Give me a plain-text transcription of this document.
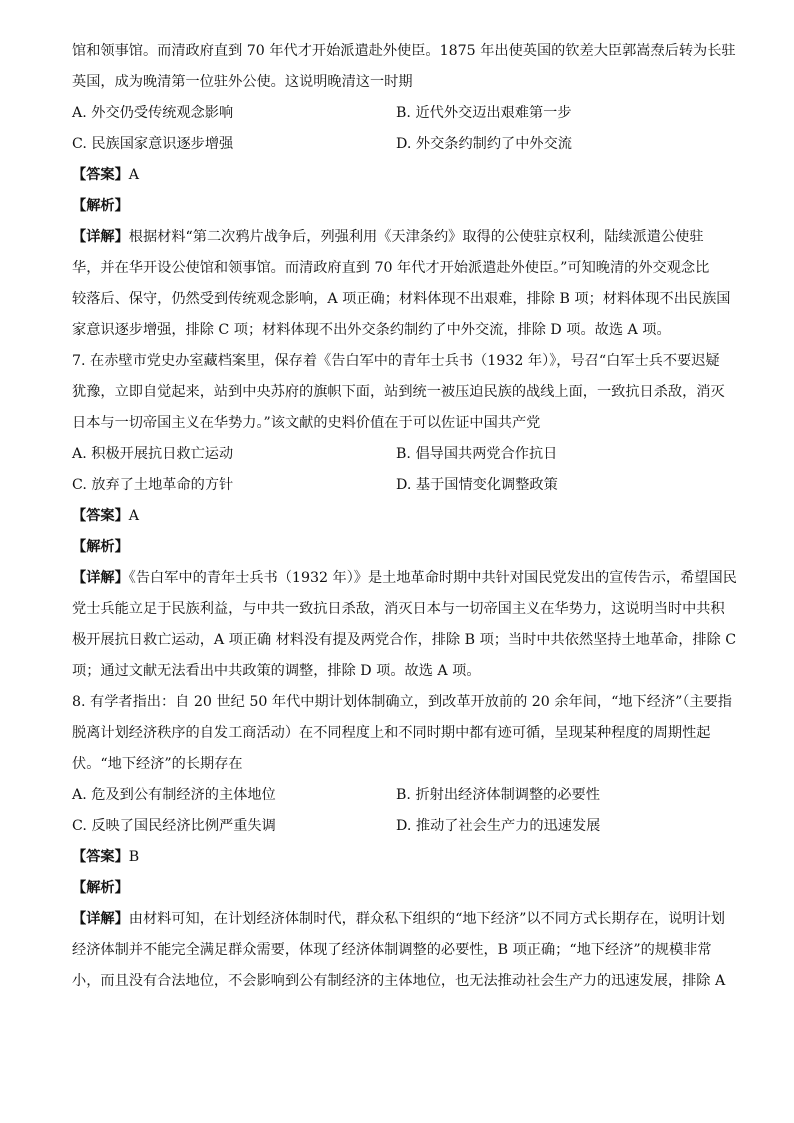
馆和领事馆。而清政府直到 70 年代才开始派遣赴外使臣。1875 年出使英国的钦差大臣郭嵩焘后转为长驻
英国，成为晚清第一位驻外公使。这说明晚清这一时期
A. 外交仍受传统观念影响	B. 近代外交迈出艰难第一步
C. 民族国家意识逐步增强	D. 外交条约制约了中外交流
【答案】A
【解析】
【详解】根据材料“第二次鸦片战争后，列强利用《天津条约》取得的公使驻京权利，陆续派遣公使驻
华，并在华开设公使馆和领事馆。而清政府直到 70 年代才开始派遣赴外使臣。”可知晚清的外交观念比
较落后、保守，仍然受到传统观念影响，A 项正确；材料体现不出艰难，排除 B 项；材料体现不出民族国
家意识逐步增强，排除 C 项；材料体现不出外交条约制约了中外交流，排除 D 项。故选 A 项。
7. 在赤壁市党史办室藏档案里，保存着《告白军中的青年士兵书（1932 年）》，号召“白军士兵不要迟疑
犹豫，立即自觉起来，站到中央苏府的旗帜下面，站到统一被压迫民族的战线上面，一致抗日杀敌，消灭
日本与一切帝国主义在华势力。”该文献的史料价值在于可以佐证中国共产党
A. 积极开展抗日救亡运动	B. 倡导国共两党合作抗日
C. 放弃了土地革命的方针	D. 基于国情变化调整政策
【答案】A
【解析】
【详解】《告白军中的青年士兵书（1932 年）》是土地革命时期中共针对国民党发出的宣传告示，希望国民
党士兵能立足于民族利益，与中共一致抗日杀敌，消灭日本与一切帝国主义在华势力，这说明当时中共积
极开展抗日救亡运动，A 项正确 材料没有提及两党合作，排除 B 项；当时中共依然坚持土地革命，排除 C
项；通过文献无法看出中共政策的调整，排除 D 项。故选 A 项。
8. 有学者指出：自 20 世纪 50 年代中期计划体制确立，到改革开放前的 20 余年间，“地下经济”（主要指
脱离计划经济秩序的自发工商活动）在不同程度上和不同时期中都有迹可循，呈现某种程度的周期性起
伏。“地下经济”的长期存在
A. 危及到公有制经济的主体地位	B. 折射出经济体制调整的必要性
C. 反映了国民经济比例严重失调	D. 推动了社会生产力的迅速发展
【答案】B
【解析】
【详解】由材料可知，在计划经济体制时代，群众私下组织的“地下经济”以不同方式长期存在，说明计划
经济体制并不能完全满足群众需要，体现了经济体制调整的必要性，B 项正确；“地下经济”的规模非常
小，而且没有合法地位，不会影响到公有制经济的主体地位，也无法推动社会生产力的迅速发展，排除 A
